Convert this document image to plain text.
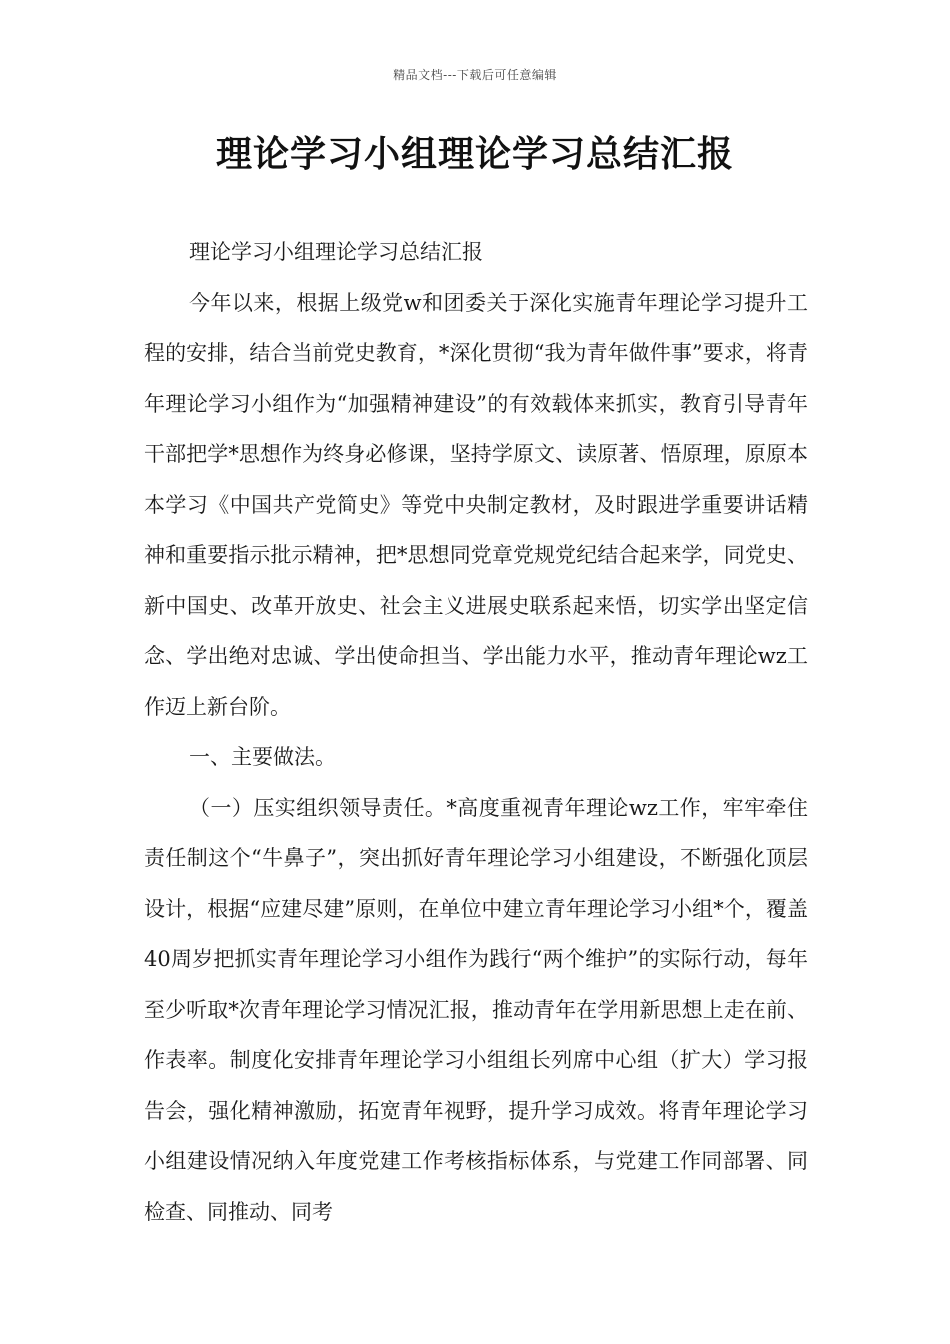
精品文档---下载后可任意编辑
理论学习小组理论学习总结汇报

理论学习小组理论学习总结汇报

今年以来，根据上级党w和团委关于深化实施青年理论学习提升工程的安排，结合当前党史教育，*深化贯彻“我为青年做件事”要求，将青年理论学习小组作为“加强精神建设”的有效载体来抓实，教育引导青年干部把学*思想作为终身必修课，坚持学原文、读原著、悟原理，原原本本学习《中国共产党简史》等党中央制定教材，及时跟进学重要讲话精神和重要指示批示精神，把*思想同党章党规党纪结合起来学，同党史、新中国史、改革开放史、社会主义进展史联系起来悟，切实学出坚定信念、学出绝对忠诚、学出使命担当、学出能力水平，推动青年理论wz工作迈上新台阶。

一、主要做法。

（一）压实组织领导责任。*高度重视青年理论wz工作，牢牢牵住责任制这个“牛鼻子”，突出抓好青年理论学习小组建设，不断强化顶层设计，根据“应建尽建”原则，在单位中建立青年理论学习小组*个，覆盖40周岁把抓实青年理论学习小组作为践行“两个维护”的实际行动，每年至少听取*次青年理论学习情况汇报，推动青年在学用新思想上走在前、作表率。制度化安排青年理论学习小组组长列席中心组（扩大）学习报告会，强化精神激励，拓宽青年视野，提升学习成效。将青年理论学习小组建设情况纳入年度党建工作考核指标体系，与党建工作同部署、同检查、同推动、同考
